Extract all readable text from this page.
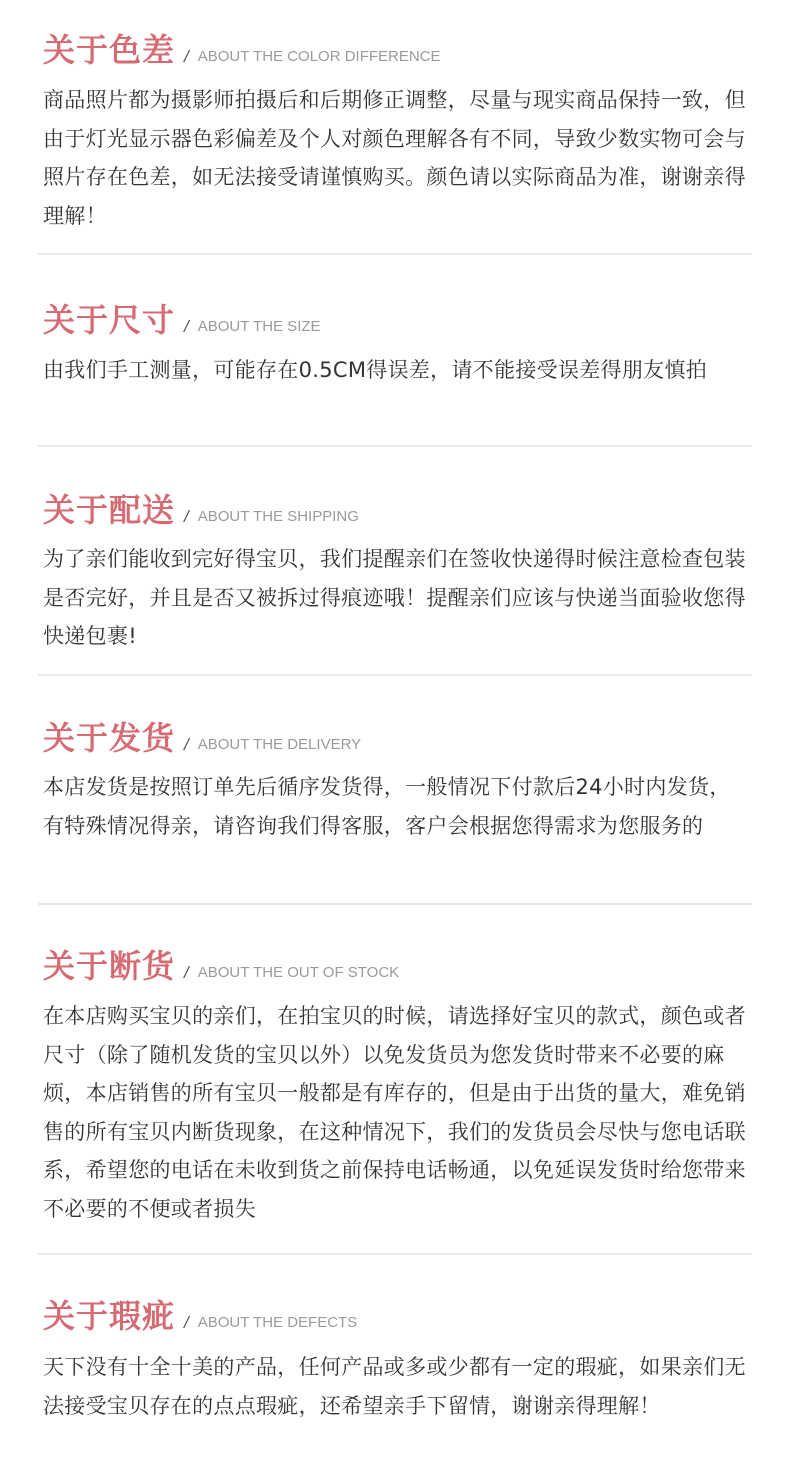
关于色差 / ABOUT THE COLOR DIFFERENCE
商品照片都为摄影师拍摄后和后期修正调整，尽量与现实商品保持一致，但由于灯光显示器色彩偏差及个人对颜色理解各有不同，导致少数实物可会与照片存在色差，如无法接受请谨慎购买。颜色请以实际商品为准，谢谢亲得理解！
关于尺寸 / ABOUT THE SIZE
由我们手工测量，可能存在0.5CM得误差，请不能接受误差得朋友慎拍
关于配送 / ABOUT THE SHIPPING
为了亲们能收到完好得宝贝，我们提醒亲们在签收快递得时候注意检查包装是否完好，并且是否又被拆过得痕迹哦！提醒亲们应该与快递当面验收您得快递包裹!
关于发货 / ABOUT THE DELIVERY
本店发货是按照订单先后循序发货得，一般情况下付款后24小时内发货，有特殊情况得亲，请咨询我们得客服，客户会根据您得需求为您服务的
关于断货 / ABOUT THE OUT OF STOCK
在本店购买宝贝的亲们，在拍宝贝的时候，请选择好宝贝的款式，颜色或者尺寸（除了随机发货的宝贝以外）以免发货员为您发货时带来不必要的麻烦，本店销售的所有宝贝一般都是有库存的，但是由于出货的量大，难免销售的所有宝贝内断货现象，在这种情况下，我们的发货员会尽快与您电话联系，希望您的电话在未收到货之前保持电话畅通，以免延误发货时给您带来不必要的不便或者损失
关于瑕疵 / ABOUT THE DEFECTS
天下没有十全十美的产品，任何产品或多或少都有一定的瑕疵，如果亲们无法接受宝贝存在的点点瑕疵，还希望亲手下留情，谢谢亲得理解！
